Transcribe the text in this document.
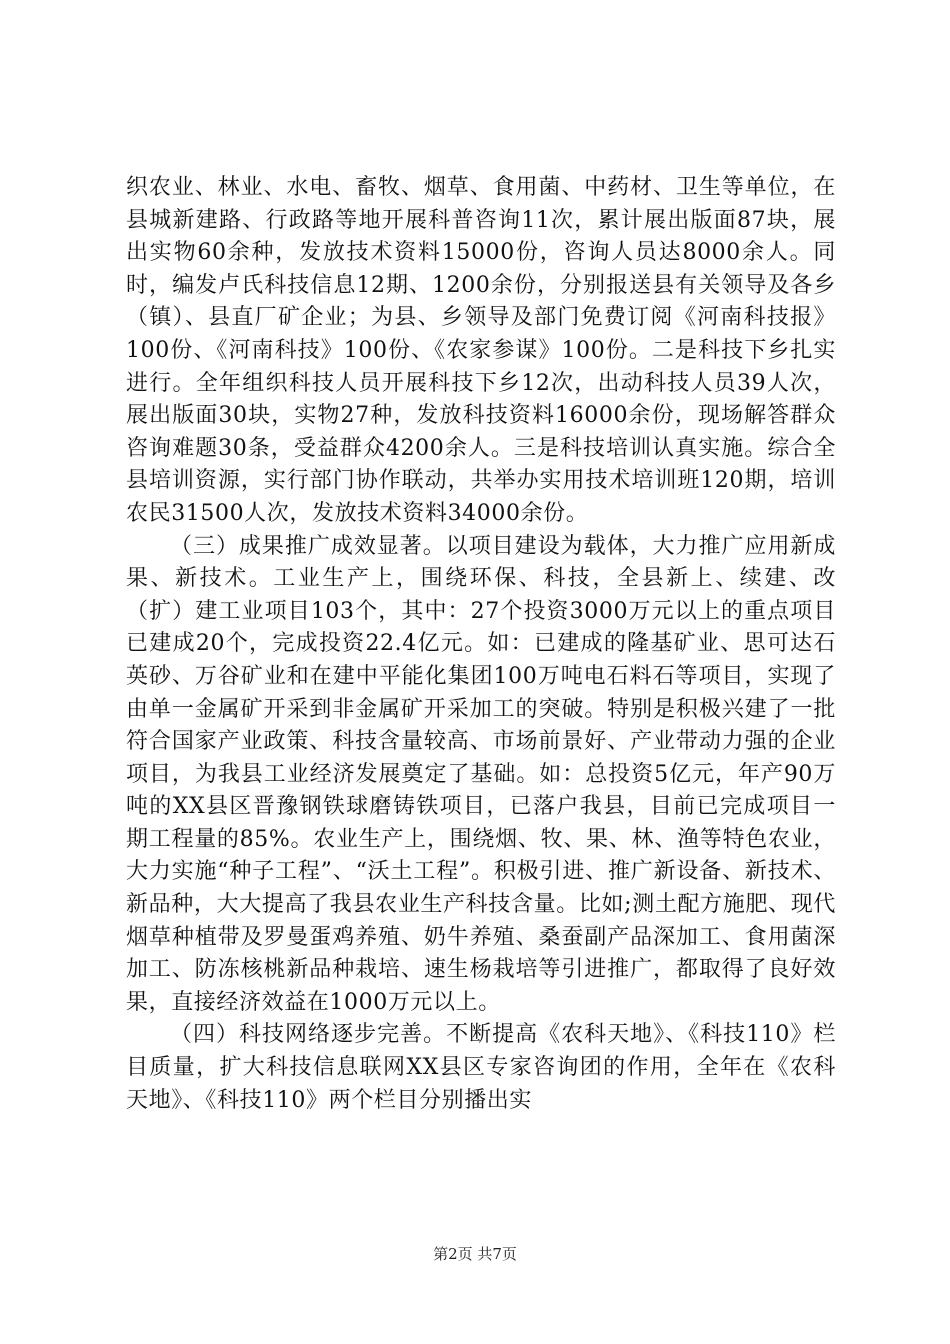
织农业、林业、水电、畜牧、烟草、食用菌、中药材、卫生等单位，在县城新建路、行政路等地开展科普咨询11次，累计展出版面87块，展出实物60余种，发放技术资料15000份，咨询人员达8000余人。同时，编发卢氏科技信息12期、1200余份，分别报送县有关领导及各乡（镇）、县直厂矿企业；为县、乡领导及部门免费订阅《河南科技报》100份、《河南科技》100份、《农家参谋》100份。二是科技下乡扎实进行。全年组织科技人员开展科技下乡12次，出动科技人员39人次，展出版面30块，实物27种，发放科技资料16000余份，现场解答群众咨询难题30条，受益群众4200余人。三是科技培训认真实施。综合全县培训资源，实行部门协作联动，共举办实用技术培训班120期，培训农民31500人次，发放技术资料34000余份。

（三）成果推广成效显著。以项目建设为载体，大力推广应用新成果、新技术。工业生产上，围绕环保、科技，全县新上、续建、改（扩）建工业项目103个，其中：27个投资3000万元以上的重点项目已建成20个，完成投资22.4亿元。如：已建成的隆基矿业、思可达石英砂、万谷矿业和在建中平能化集团100万吨电石料石等项目，实现了由单一金属矿开采到非金属矿开采加工的突破。特别是积极兴建了一批符合国家产业政策、科技含量较高、市场前景好、产业带动力强的企业项目，为我县工业经济发展奠定了基础。如：总投资5亿元，年产90万吨的XX县区晋豫钢铁球磨铸铁项目，已落户我县，目前已完成项目一期工程量的85%。农业生产上，围绕烟、牧、果、林、渔等特色农业，大力实施“种子工程”、“沃土工程”。积极引进、推广新设备、新技术、新品种，大大提高了我县农业生产科技含量。比如;测土配方施肥、现代烟草种植带及罗曼蛋鸡养殖、奶牛养殖、桑蚕副产品深加工、食用菌深加工、防冻核桃新品种栽培、速生杨栽培等引进推广，都取得了良好效果，直接经济效益在1000万元以上。

（四）科技网络逐步完善。不断提高《农科天地》、《科技110》栏目质量，扩大科技信息联网XX县区专家咨询团的作用，全年在《农科天地》、《科技110》两个栏目分别播出实

第2页 共7页
